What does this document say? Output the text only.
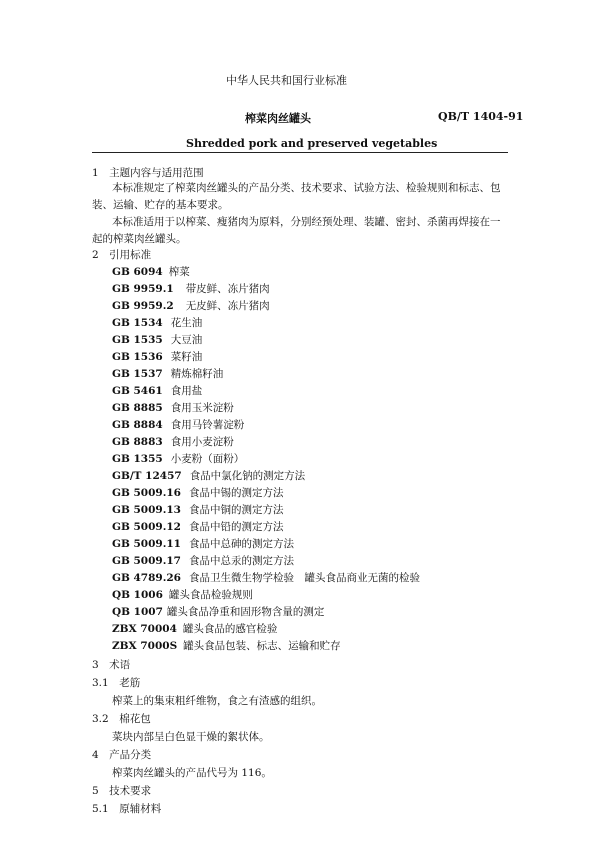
中华人民共和国行业标准
榨菜肉丝罐头	QB/T 1404-91
Shredded pork and preserved vegetables
1　主题内容与适用范围
本标准规定了榨菜肉丝罐头的产品分类、技术要求、试验方法、检验规则和标志、包
装、运输、贮存的基本要求。
本标准适用于以榨菜、瘦猪肉为原料，分别经预处理、装罐、密封、杀菌再焊接在一
起的榨菜肉丝罐头。
2　引用标准
GB 6094 榨菜
GB 9959.1 带皮鲜、冻片猪肉
GB 9959.2 无皮鲜、冻片猪肉
GB 1534 花生油
GB 1535 大豆油
GB 1536 菜籽油
GB 1537 精炼棉籽油
GB 5461 食用盐
GB 8885 食用玉米淀粉
GB 8884 食用马铃薯淀粉
GB 8883 食用小麦淀粉
GB 1355 小麦粉（面粉）
GB/T 12457 食品中氯化钠的测定方法
GB 5009.16 食品中锡的测定方法
GB 5009.13 食品中铜的测定方法
GB 5009.12 食品中铅的测定方法
GB 5009.11 食品中总砷的测定方法
GB 5009.17 食品中总汞的测定方法
GB 4789.26 食品卫生微生物学检验　罐头食品商业无菌的检验
QB 1006 罐头食品检验规则
QB 1007 罐头食品净重和固形物含量的测定
ZBX 70004 罐头食品的感官检验
ZBX 7000S 罐头食品包装、标志、运输和贮存
3　术语
3.1　老筋
榨菜上的集束粗纤维物，食之有渣感的组织。
3.2　棉花包
菜块内部呈白色显干燥的絮状体。
4　产品分类
榨菜肉丝罐头的产品代号为 116。
5　技术要求
5.1　原辅材料
